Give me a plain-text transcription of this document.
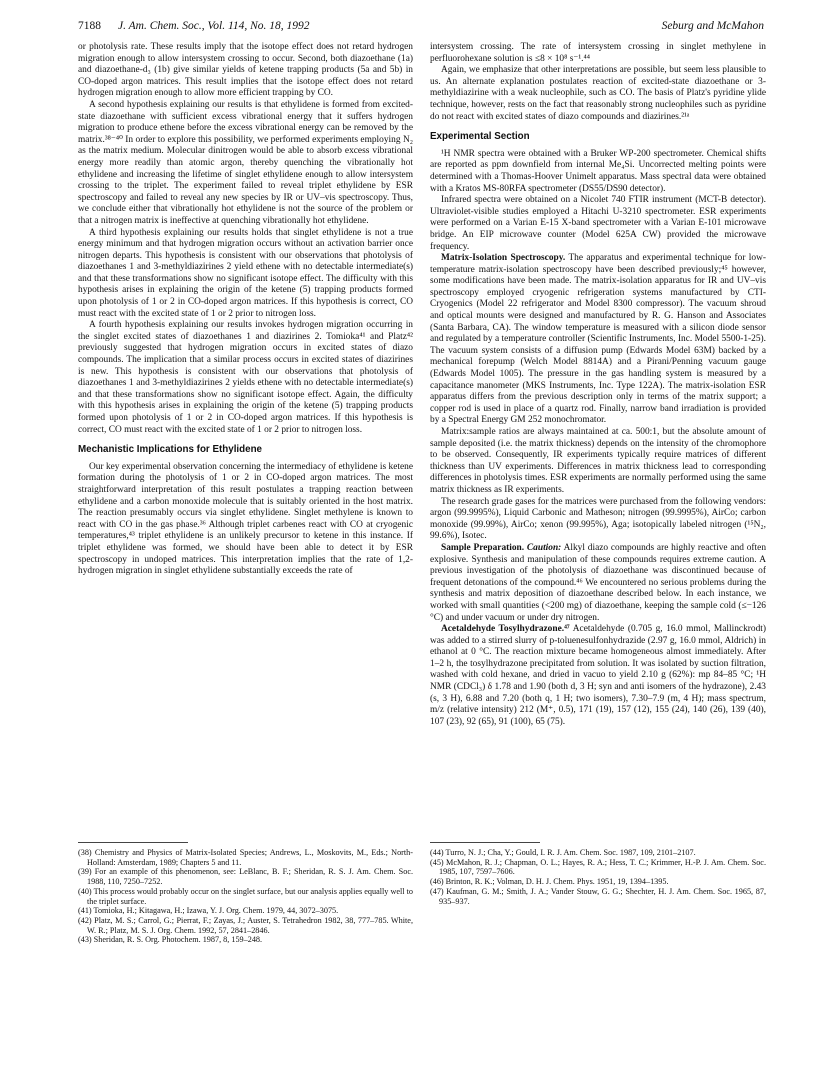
7188 J. Am. Chem. Soc., Vol. 114, No. 18, 1992	Seburg and McMahon

or photolysis rate. These results imply that the isotope effect does not retard hydrogen migration enough to allow intersystem crossing to occur. Second, both diazoethane (1a) and diazoethane-d₃ (1b) give similar yields of ketene trapping products (5a and 5b) in CO-doped argon matrices. This result implies that the isotope effect does not retard hydrogen migration enough to allow more efficient trapping by CO.

A second hypothesis explaining our results is that ethylidene is formed from excited-state diazoethane with sufficient excess vibrational energy that it suffers hydrogen migration to produce ethene before the excess vibrational energy can be removed by the matrix.³⁸⁻⁴⁰ In order to explore this possibility, we performed experiments employing N₂ as the matrix medium. Molecular dinitrogen would be able to absorb excess vibrational energy more readily than atomic argon, thereby quenching the vibrationally hot ethylidene and increasing the lifetime of singlet ethylidene enough to allow intersystem crossing to the triplet. The experiment failed to reveal triplet ethylidene by ESR spectroscopy and failed to reveal any new species by IR or UV–vis spectroscopy. Thus, we conclude either that vibrationally hot ethylidene is not the source of the problem or that a nitrogen matrix is ineffective at quenching vibrationally hot ethylidene.

A third hypothesis explaining our results holds that singlet ethylidene is not a true energy minimum and that hydrogen migration occurs without an activation barrier once nitrogen departs. This hypothesis is consistent with our observations that photolysis of diazoethanes 1 and 3-methyldiazirines 2 yield ethene with no detectable intermediate(s) and that these transformations show no significant isotope effect. The difficulty with this hypothesis arises in explaining the origin of the ketene (5) trapping products formed upon photolysis of 1 or 2 in CO-doped argon matrices. If this hypothesis is correct, CO must react with the excited state of 1 or 2 prior to nitrogen loss.

A fourth hypothesis explaining our results invokes hydrogen migration occurring in the singlet excited states of diazoethanes 1 and diazirines 2. Tomioka⁴¹ and Platz⁴² previously suggested that hydrogen migration occurs in excited states of diazo compounds. The implication that a similar process occurs in excited states of diazirines is new. This hypothesis is consistent with our observations that photolysis of diazoethanes 1 and 3-methyldiazirines 2 yields ethene with no detectable intermediate(s) and that these transformations show no significant isotope effect. Again, the difficulty with this hypothesis arises in explaining the origin of the ketene (5) trapping products formed upon photolysis of 1 or 2 in CO-doped argon matrices. If this hypothesis is correct, CO must react with the excited state of 1 or 2 prior to nitrogen loss.

Mechanistic Implications for Ethylidene

Our key experimental observation concerning the intermediacy of ethylidene is ketene formation during the photolysis of 1 or 2 in CO-doped argon matrices. The most straightforward interpretation of this result postulates a trapping reaction between ethylidene and a carbon monoxide molecule that is suitably oriented in the host matrix. The reaction presumably occurs via singlet ethylidene. Singlet methylene is known to react with CO in the gas phase.³⁶ Although triplet carbenes react with CO at cryogenic temperatures,⁴³ triplet ethylidene is an unlikely precursor to ketene in this instance. If triplet ethylidene was formed, we should have been able to detect it by ESR spectroscopy in undoped matrices. This interpretation implies that the rate of 1,2-hydrogen migration in singlet ethylidene substantially exceeds the rate of

intersystem crossing. The rate of intersystem crossing in singlet methylene in perfluorohexane solution is ≤8 × 10⁸ s⁻¹.⁴⁴

Again, we emphasize that other interpretations are possible, but seem less plausible to us. An alternate explanation postulates reaction of excited-state diazoethane or 3-methyldiazirine with a weak nucleophile, such as CO. The basis of Platz's pyridine ylide technique, however, rests on the fact that reasonably strong nucleophiles such as pyridine do not react with excited states of diazo compounds and diazirines.²¹ᵃ

Experimental Section

¹H NMR spectra were obtained with a Bruker WP-200 spectrometer. Chemical shifts are reported as ppm downfield from internal Me₄Si. Uncorrected melting points were determined with a Thomas-Hoover Unimelt apparatus. Mass spectral data were obtained with a Kratos MS-80RFA spectrometer (DS55/DS90 detector).

Infrared spectra were obtained on a Nicolet 740 FTIR instrument (MCT-B detector). Ultraviolet-visible studies employed a Hitachi U-3210 spectrometer. ESR experiments were performed on a Varian E-15 X-band spectrometer with a Varian E-101 microwave bridge. An EIP microwave counter (Model 625A CW) provided the microwave frequency.

Matrix-Isolation Spectroscopy. The apparatus and experimental technique for low-temperature matrix-isolation spectroscopy have been described previously;⁴⁵ however, some modifications have been made. The matrix-isolation apparatus for IR and UV–vis spectroscopy employed cryogenic refrigeration systems manufactured by CTI-Cryogenics (Model 22 refrigerator and Model 8300 compressor). The vacuum shroud and optical mounts were designed and manufactured by R. G. Hanson and Associates (Santa Barbara, CA). The window temperature is measured with a silicon diode sensor and regulated by a temperature controller (Scientific Instruments, Inc. Model 5500-1-25). The vacuum system consists of a diffusion pump (Edwards Model 63M) backed by a mechanical forepump (Welch Model 8814A) and a Pirani/Penning vacuum gauge (Edwards Model 1005). The pressure in the gas handling system is measured by a capacitance manometer (MKS Instruments, Inc. Type 122A). The matrix-isolation ESR apparatus differs from the previous description only in terms of the matrix support; a copper rod is used in place of a quartz rod. Finally, narrow band irradiation is provided by a Spectral Energy GM 252 monochromator.

Matrix:sample ratios are always maintained at ca. 500:1, but the absolute amount of sample deposited (i.e. the matrix thickness) depends on the intensity of the chromophore to be observed. Consequently, IR experiments typically require matrices of different thickness than UV experiments. Differences in matrix thickness lead to corresponding differences in photolysis times. ESR experiments are normally performed using the same matrix thickness as IR experiments.

The research grade gases for the matrices were purchased from the following vendors: argon (99.9995%), Liquid Carbonic and Matheson; nitrogen (99.9995%), AirCo; carbon monoxide (99.99%), AirCo; xenon (99.995%), Aga; isotopically labeled nitrogen (¹⁵N₂, 99.6%), Isotec.

Sample Preparation. Caution: Alkyl diazo compounds are highly reactive and often explosive. Synthesis and manipulation of these compounds requires extreme caution. A previous investigation of the photolysis of diazoethane was discontinued because of frequent detonations of the compound.⁴⁶ We encountered no serious problems during the synthesis and matrix deposition of diazoethane described below. In each instance, we worked with small quantities (<200 mg) of diazoethane, keeping the sample cold (≤−126 °C) and under vacuum or under dry nitrogen.

Acetaldehyde Tosylhydrazone.⁴⁷ Acetaldehyde (0.705 g, 16.0 mmol, Mallinckrodt) was added to a stirred slurry of p-toluenesulfonhydrazide (2.97 g, 16.0 mmol, Aldrich) in ethanol at 0 °C. The reaction mixture became homogeneous almost immediately. After 1–2 h, the tosylhydrazone precipitated from solution. It was isolated by suction filtration, washed with cold hexane, and dried in vacuo to yield 2.10 g (62%): mp 84–85 °C; ¹H NMR (CDCl₃) δ 1.78 and 1.90 (both d, 3 H; syn and anti isomers of the hydrazone), 2.43 (s, 3 H), 6.88 and 7.20 (both q, 1 H; two isomers), 7.30–7.9 (m, 4 H); mass spectrum, m/z (relative intensity) 212 (M⁺, 0.5), 171 (19), 157 (12), 155 (24), 140 (26), 139 (40), 107 (23), 92 (65), 91 (100), 65 (75).

(38) Chemistry and Physics of Matrix-Isolated Species; Andrews, L., Moskovits, M., Eds.; North-Holland: Amsterdam, 1989; Chapters 5 and 11.
(39) For an example of this phenomenon, see: LeBlanc, B. F.; Sheridan, R. S. J. Am. Chem. Soc. 1988, 110, 7250–7252.
(40) This process would probably occur on the singlet surface, but our analysis applies equally well to the triplet surface.
(41) Tomioka, H.; Kitagawa, H.; Izawa, Y. J. Org. Chem. 1979, 44, 3072–3075.
(42) Platz, M. S.; Carrol, G.; Pierrat, F.; Zayas, J.; Auster, S. Tetrahedron 1982, 38, 777–785. White, W. R.; Platz, M. S. J. Org. Chem. 1992, 57, 2841–2846.
(43) Sheridan, R. S. Org. Photochem. 1987, 8, 159–248.
(44) Turro, N. J.; Cha, Y.; Gould, I. R. J. Am. Chem. Soc. 1987, 109, 2101–2107.
(45) McMahon, R. J.; Chapman, O. L.; Hayes, R. A.; Hess, T. C.; Krimmer, H.-P. J. Am. Chem. Soc. 1985, 107, 7597–7606.
(46) Brinton, R. K.; Volman, D. H. J. Chem. Phys. 1951, 19, 1394–1395.
(47) Kaufman, G. M.; Smith, J. A.; Vander Stouw, G. G.; Shechter, H. J. Am. Chem. Soc. 1965, 87, 935–937.
